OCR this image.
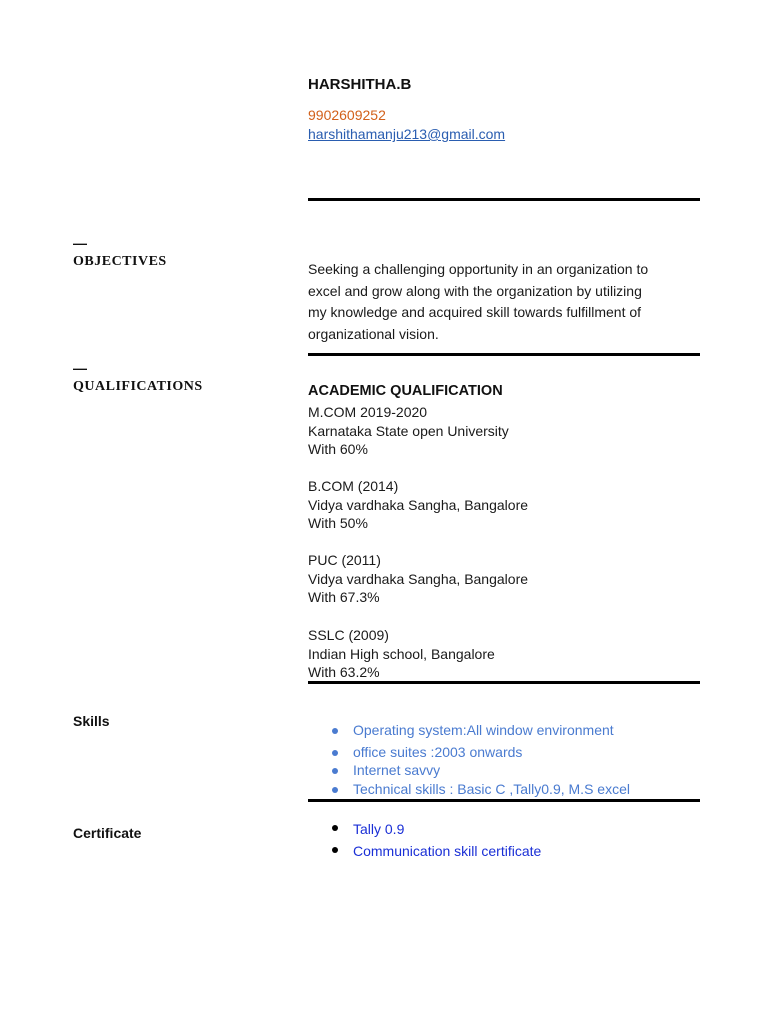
HARSHITHA.B
9902609252
harshithamanju213@gmail.com
—
OBJECTIVES	Seeking a challenging opportunity in an organization to
excel and grow along with the organization by utilizing
my knowledge and acquired skill towards fulfillment of
organizational vision.
—
QUALIFICATIONS	ACADEMIC QUALIFICATION
M.COM 2019-2020
Karnataka State open University
With 60%
B.COM (2014)
Vidya vardhaka Sangha, Bangalore
With 50%
PUC (2011)
Vidya vardhaka Sangha, Bangalore
With 67.3%
SSLC (2009)
Indian High school, Bangalore
With 63.2%
Skills
Operating system:All window environment
office suites :2003 onwards
Internet savvy
Technical skills : Basic C ,Tally0.9, M.S excel
Certificate	Tally 0.9
Communication skill certificate
